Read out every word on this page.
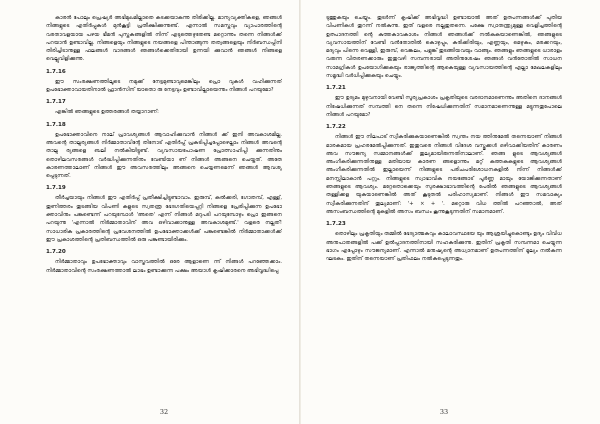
കാരൻ പോലും പ്രെഷ്യർ അഭിമുഖമില്ലാതെ കടക്കയാകുന്നു തിരിക്കില്ല. മാന്യവ്യക്തികളെ, ഞങ്ങൾ നിങ്ങളുടെ എതിർപ്പുകൾ മുൻകൂട്ടി പ്രതീക്ഷിക്കുന്നുണ്ട്. എന്നാൽ സമസ്തവും വ്യാപാരത്തിന്റെ വരതാവളയായ പഴയ ഭീമൻ പുസ്തകങ്ങളിൽ നിന്ന് എടുത്തെഴുതേണ്ട മറ്റൊന്നും തന്നെ നിങ്ങൾക്ക് പറയാൻ ഉണ്ടാവില്ല. നിങ്ങളെയും നിങ്ങളുടെ നയങ്ങളെ പിന്താങ്ങുന്ന തത്വങ്ങളെയും നിർബന്ധപ്പിനി തിരിച്ചിടാനുള്ള ഫലങ്ങൾ വാദങ്ങൾ ഞങ്ങൾക്കെതിരായി ഉന്നയി ക്കുവാൻ ഞങ്ങൾ നിങ്ങളെ വെല്ലുവിളിക്കുന്നു.

1.7.16

ഈ സംരക്ഷണത്തിലൂടെ നമുക്ക് നേട്ടമുണ്ടാവുമെങ്കിലും പ്രൊ വുകൾ വഹിക്കുന്നത് ഉപഭോക്താവായതിനാൽ ഫ്രാൻസിന് യാതൊ രു നേട്ടവും ഉണ്ടാവില്ലായെന്നും നിങ്ങൾ പറയുമോ?

1.7.17

എങ്കിൽ ഞങ്ങളുടെ ഉത്തരങ്ങൾ തയ്യാറാണ്:

1.7.18

ഉപഭോക്താവിനെ നാല് പ്രാവശ്യങ്ങൾ ആവാഹിക്കുവാൻ നിങ്ങൾ ക്ക് ഇനി അവകാശമില്ല. അവന്റെ താല്പര്യങ്ങൾ നിർമ്മാതാവിന്റേ തിനോട് എതിർപ്പ് പ്രകടിപ്പിച്ചപ്പോഴെല്ലാം നിങ്ങൾ അവന്റെ താല്പ ര്യങ്ങളെ ബലി നൽകിയിട്ടുണ്ട്. വ്യവസായപോഷണ പ്രോത്സാഹിപ്പി ക്കുന്നതിനും തൊഴിലവസരങ്ങൾ വർദ്ധിപ്പിക്കുന്നതിനും വേണ്ടിയാ ണ് നിങ്ങൾ അങ്ങനെ ചെയ്തത്. അതേ കാരണത്താലാണ് നിങ്ങൾ ഈ അവസരത്തിലും അങ്ങനെ ചെയ്യണമെന്ന് ഞങ്ങൾ ആവശ്യ പ്പെടുന്നത്.

1.7.19

തീർച്ചയായും നിങ്ങൾ ഈ എതിർപ്പ് പ്രതീക്ഷിച്ചിട്ടുണ്ടാവാം. ഇരുമ്പ്, കൽക്കരി, ഗോതമ്പ്, എള്ള്, തുണിത്തരം തുടങ്ങിയ വിപണി കളുടെ സ്വതന്ത്ര ഭേദഗതിയെപ്പറ്റി നിങ്ങളെ പ്രേരിപ്പിക്കുന്ന ഉപഭോ ക്താവിനും പങ്കുണ്ടെന്ന് പറയുമ്പോൾ 'അതെ' എന്ന് നിങ്ങൾ മറുപടി പറയുമ്പോഴും പ്രൊ ഇങ്ങനെ പറയുന്നു 'എന്നാൽ നിർമ്മാതാവിന് അവ ഒഴിവാക്കാനുള്ള അവകാശമുണ്ട്.' വളരെ നല്ലത്! സാധാരിക പ്രകാരത്തിന്റെ പ്രവേശനത്തിൽ ഉപഭോക്താക്കൾക്ക് പങ്കുണ്ടെങ്കിൽ നിർമ്മാതാക്കൾക്ക് ഈ പ്രകാശത്തിന്റെ പ്രതിബന്ധത്തിൽ ഒരു പങ്കുണ്ടായിരിക്കും.

1.7.20

നിർമ്മാതാവും ഉപഭോക്താവും വാസ്തവത്തിൽ ഒരേ ആളാണെ ന്ന് നിങ്ങൾ പറഞ്ഞേക്കാം. നിർമ്മാതാവിന്റെ സംരക്ഷണത്താൽ ലാഭം ഉണ്ടാക്കുന്ന പക്ഷം അയാൾ കൃഷിക്കാരനെ അഭിവൃദ്ധിപ്പെ

ടുത്തുകയും ചെയ്യും. തുടർന്ന് കൃഷിക്ക് അഭിവൃദ്ധി ഉണ്ടായാൽ അത് ഉത്പന്നങ്ങൾക്ക് പുതിയ വിപണികൾ തുറന്ന് നൽകുന്നു. ഇത് വളരെ നല്ലതുതന്നെ. പക്ഷേ സ്വാതന്ത്ര്യമുള്ള വെളിച്ചത്തിന്റെ ഉത്പാദനത്തി ന്റെ കുത്തകാവകാശം നിങ്ങൾ ഞങ്ങൾക്ക് നൽകുകയാണെങ്കിൽ, ഞങ്ങളുടെ വ്യവസായത്തിന് വേണ്ടി വൻതോതിൽ കൊഴുപ്പും, കരിക്കിരിയും, എണ്ണയും, മെഴുകും, മരക്കറയും, മദ്യവും പിന്നെ വെള്ളി, ഇരുമ്പ്, വെങ്കലം, പളുങ്ക് തുടങ്ങിയവയും വാങ്ങും. ഞങ്ങളും ഞങ്ങളുടെ ധാരാളം വരുന്ന വിതരണക്കാരും ഇതുവഴി സമ്പന്നരായി അതിനുശേഷം ഞങ്ങൾ വൻതോതിൽ സാധന സാമഗ്രികൾ ഉപയോഗിക്കുകയും രാജ്യത്തിന്റെ ആകെയുള്ള വ്യവസായത്തിന്റെ എല്ലാ മേഖലകളിലും സമൃദ്ധി വർധിപ്പിക്കുകയും ചെയ്യും.

1.7.21

ഈ ഉദ്യമം മുഴുവനായി വേണ്ടി സൂര്യപ്രകാശം പ്രകൃതിയുടെ വരദാനമാണെന്നും അതിനെ ദാനങ്ങൾ നിഷേധിക്കുന്നത് സമ്പത്തി നെ തന്നെ നിഷേധിക്കുന്നതിന് സമാനമാണെന്നുള്ള മട്ടുന്നതുപോലെ നിങ്ങൾ പറയുമോ?

1.7.22

നിങ്ങൾ ഈ നിലപാട് സ്വീകരിക്കുകയാണെങ്കിൽ സ്വന്തം നയ ത്തിനുമേൽ തന്നെയാണ് നിങ്ങൾ മാരകമായ പ്രഹരമേൽപ്പിക്കുന്നത്. ഇതുവരെ നിങ്ങൾ വിദേശ വസ്തുക്കൾ ഒഴിവാക്കിയതിന് കാരണം അവ സൗജന്യ സമ്മാനങ്ങൾക്ക് തുല്യമായിരുന്നതിനാലാണ്. ഞങ്ങ ളുടെ ആവശ്യങ്ങൾ അംഗീകരിക്കുന്നതിനുള്ള മതിയായ കാരണ ങ്ങളൊന്നും മറ്റ് കുത്തകകളുടെ ആവശ്യങ്ങൾ അംഗീകരിക്കുന്നതിൽ ഇല്ലായെന്ന് നിങ്ങളുടെ പരിചപരിശോധനകളിൽ നിന്ന് നിങ്ങൾക്ക് മനസ്സിലാകാൻ പറ്റും. നിങ്ങളുടെ സ്വാഭാവിക നയങ്ങോട് പൂർണ്ണ മായും യോജിക്കുന്നതാണ് ഞങ്ങളുടെ ആവശ്യം. മറ്റേതൊക്കെയും സുരക്ഷാഭാവത്തിന്റെ പേരിൽ ഞങ്ങളുടെ ആവശ്യങ്ങൾ തള്ളിക്കള യുകയാണെങ്കിൽ അത് കൂടുതൽ പരിഹാസ്യമാണ്. നിങ്ങൾ ഈ സമവാക്യം സ്വീകരിക്കുന്നതിന് തുല്യമാണ്: '+ × + '. മറ്റൊരു വിധ ത്തിൽ പറഞ്ഞാൽ, അത് അസംബന്ധത്തിന്റെ മുകളിൽ അസം ബന്ധം കൂന്നുകൂടുന്നതിന് സമാനമാണ്.

1.7.23

തൊഴിലും പ്രകൃതിയും തമ്മിൽ ഭേദ്യാത്മകവും കാലാവസ്ഥയേ യും ആശ്രയിച്ചുകൊണ്ടും ഉദ്യം വിവിധ അനുപാതങ്ങളിൽ പക്ക് ഉൽപ്പാദനത്തിനായി സഹകരിക്കുന്നു. ഇതിന് പ്രകൃതി സമ്പന്നമാ ചെയ്യുന്ന ഭാഗം എപ്പോഴും സൗജന്യമാണ്. എന്നാൽ മനുഷ്യന്റെ അധ്വാനമാണ് ഉത്പന്നത്തിന് മൂല്യം നൽകുന്ന ഘടകം. ഇതിന് തന്നെയാണ് പ്രതിഫലം നൽകപ്പെടുന്നതും.

32	33
